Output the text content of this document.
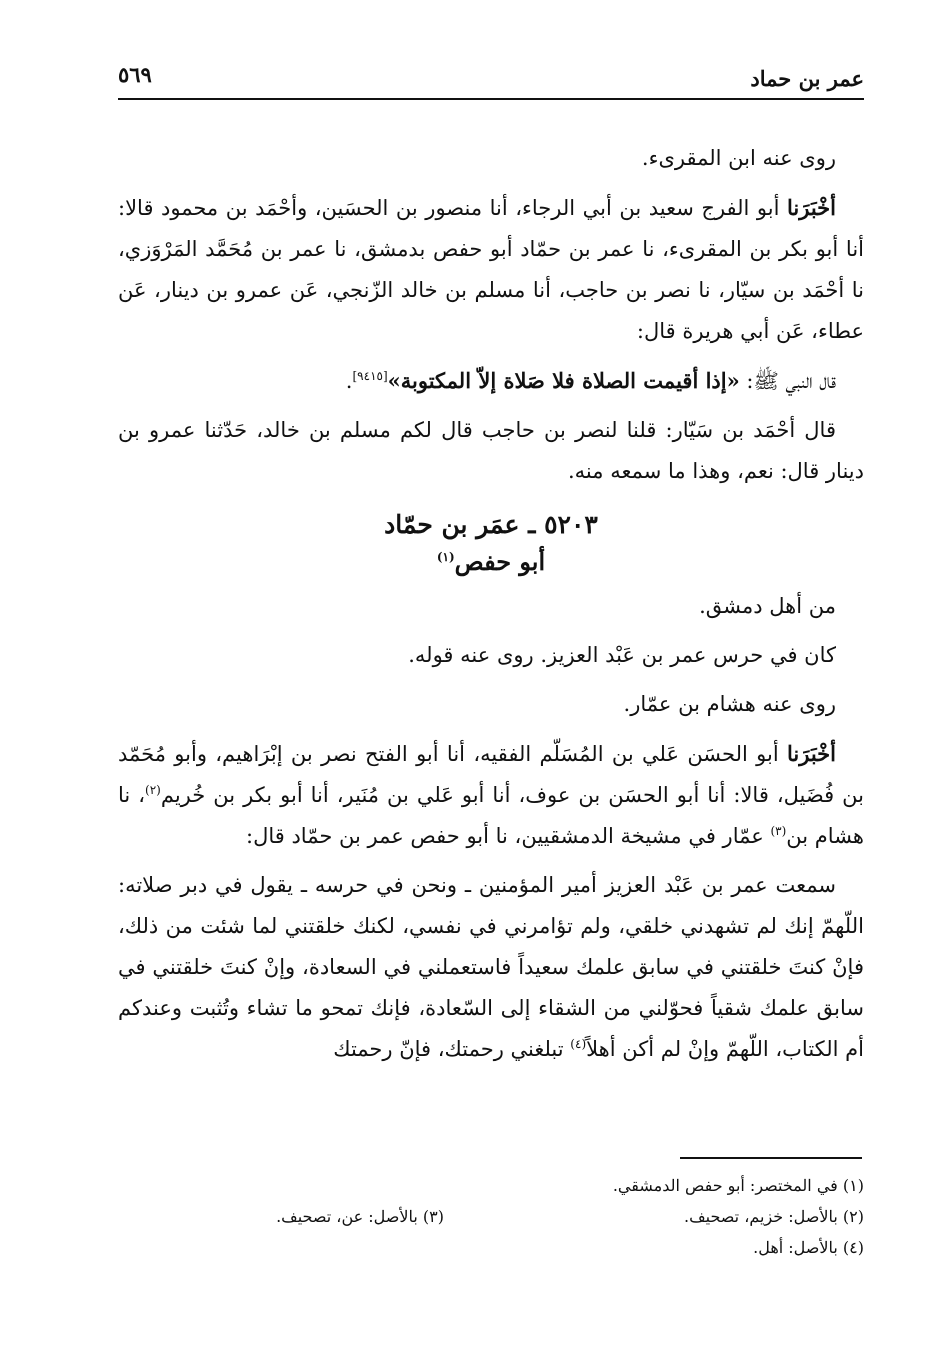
عمر بن حماد
٥٦٩

روى عنه ابن المقرىء.

أخْبَرَنا أبو الفرج سعيد بن أبي الرجاء، أنا منصور بن الحسَين، وأحْمَد بن محمود قالا: أنا أبو بكر بن المقرىء، نا عمر بن حمّاد أبو حفص بدمشق، نا عمر بن مُحَمَّد المَرْوَزي، نا أحْمَد بن سيّار، نا نصر بن حاجب، أنا مسلم بن خالد الزّنجي، عَن عمرو بن دينار، عَن عطاء، عَن أبي هريرة قال:

قال النبي ﷺ: «إذا أقيمت الصلاة فلا صَلاة إلاّ المكتوبة»[٩٤١٥].

قال أحْمَد بن سَيّار: قلنا لنصر بن حاجب قال لكم مسلم بن خالد، حَدّثنا عمرو بن دينار قال: نعم، وهذا ما سمعه منه.

٥٢٠٣ ـ عمَر بن حمّاد
أبو حفص$^{(١)}$

من أهل دمشق.

كان في حرس عمر بن عَبْد العزيز. روى عنه قوله.

روى عنه هشام بن عمّار.

أخْبَرَنا أبو الحسَن عَلي بن المُسَلّم الفقيه، أنا أبو الفتح نصر بن إبْرَاهيم، وأبو مُحَمّد بن فُضَيل، قالا: أنا أبو الحسَن بن عوف، أنا أبو عَلي بن مُنَير، أنا أبو بكر بن خُريم$^{(٢)}$، نا هشام بن$^{(٣)}$ عمّار في مشيخة الدمشقيين، نا أبو حفص عمر بن حمّاد قال:

سمعت عمر بن عَبْد العزيز أمير المؤمنين ـ ونحن في حرسه ـ يقول في دبر صلاته: اللّهمّ إنك لم تشهدني خلقي، ولم تؤامرني في نفسي، لكنك خلقتني لما شئت من ذلك، فإنْ كنتَ خلقتني في سابق علمك سعيداً فاستعملني في السعادة، وإنْ كنتَ خلقتني في سابق علمك شقياً فحوّلني من الشقاء إلى السّعادة، فإنك تمحو ما تشاء وتُثبت وعندكم أم الكتاب، اللّهمّ وإنْ لم أكن أهلاً$^{(٤)}$ تبلغني رحمتك، فإنّ رحمتك

(١) في المختصر: أبو حفص الدمشقي.
(٢) بالأصل: خزيم، تصحيف.
(٣) بالأصل: عن، تصحيف.
(٤) بالأصل: أهل.
